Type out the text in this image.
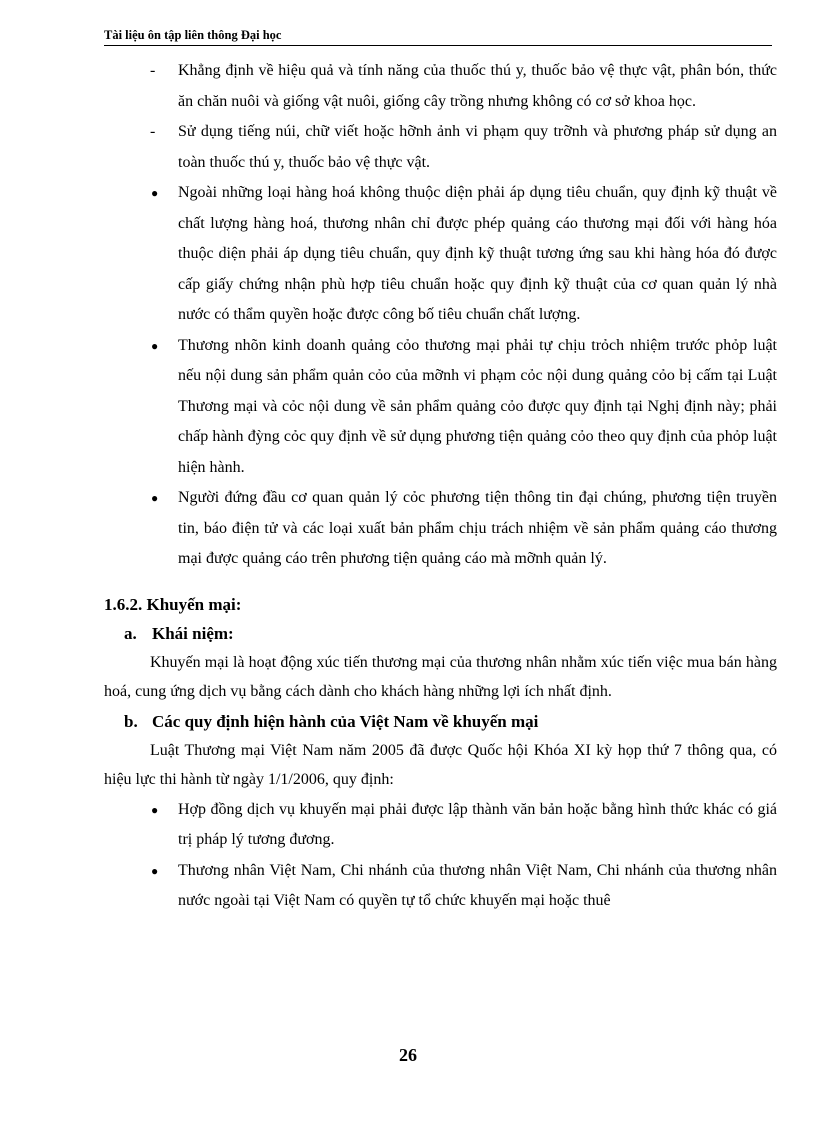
Tài liệu ôn tập liên thông Đại học
- Khẳng định về hiệu quả và tính năng của thuốc thú y, thuốc bảo vệ thực vật, phân bón, thức ăn chăn nuôi và giống vật nuôi, giống cây trồng nhưng không có cơ sở khoa học.
- Sử dụng tiếng núi, chữ viết hoặc hỡnh ảnh vi phạm quy trỡnh và phương pháp sử dụng an toàn thuốc thú y, thuốc bảo vệ thực vật.
● Ngoài những loại hàng hoá không thuộc diện phải áp dụng tiêu chuẩn, quy định kỹ thuật về chất lượng hàng hoá, thương nhân chỉ được phép quảng cáo thương mại đối với hàng hóa thuộc diện phải áp dụng tiêu chuẩn, quy định kỹ thuật tương ứng sau khi hàng hóa đó được cấp giấy chứng nhận phù hợp tiêu chuẩn hoặc quy định kỹ thuật của cơ quan quản lý nhà nước có thẩm quyền hoặc được công bố tiêu chuẩn chất lượng.
● Thương nhõn kinh doanh quảng cỏo thương mại phải tự chịu trỏch nhiệm trước phỏp luật nếu nội dung sản phẩm quản cỏo của mỡnh vi phạm cỏc nội dung quảng cỏo bị cấm tại Luật Thương mại và cỏc nội dung về sản phẩm quảng cỏo được quy định tại Nghị định này; phải chấp hành đỳng cỏc quy định về sử dụng phương tiện quảng cỏo theo quy định của phỏp luật hiện hành.
● Người đứng đầu cơ quan quản lý cỏc phương tiện thông tin đại chúng, phương tiện truyền tin, báo điện tử và các loại xuất bản phẩm chịu trách nhiệm về sản phẩm quảng cáo thương mại được quảng cáo trên phương tiện quảng cáo mà mỡnh quản lý.
1.6.2. Khuyến mại:
a. Khái niệm:
Khuyến mại là hoạt động xúc tiến thương mại của thương nhân nhằm xúc tiến việc mua bán hàng hoá, cung ứng dịch vụ bằng cách dành cho khách hàng những lợi ích nhất định.
b. Các quy định hiện hành của Việt Nam về khuyến mại
Luật Thương mại Việt Nam năm 2005 đã được Quốc hội Khóa XI kỳ họp thứ 7 thông qua, có hiệu lực thi hành từ ngày 1/1/2006, quy định:
● Hợp đồng dịch vụ khuyến mại phải được lập thành văn bản hoặc bằng hình thức khác có giá trị pháp lý tương đương.
● Thương nhân Việt Nam, Chi nhánh của thương nhân Việt Nam, Chi nhánh của thương nhân nước ngoài tại Việt Nam có quyền tự tổ chức khuyến mại hoặc thuê
26
